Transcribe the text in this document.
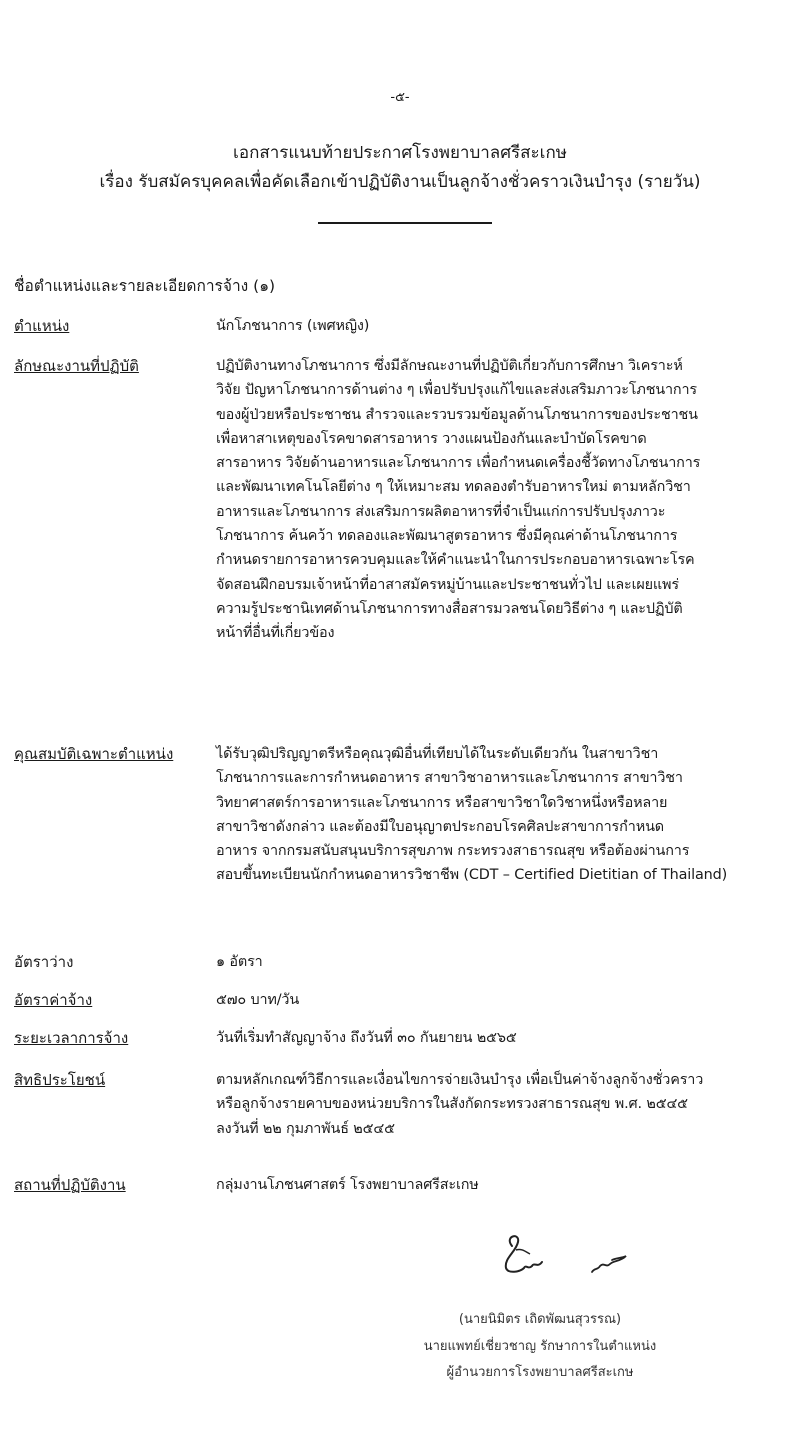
-๕-
เอกสารแนบท้ายประกาศโรงพยาบาลศรีสะเกษ
เรื่อง รับสมัครบุคคลเพื่อคัดเลือกเข้าปฏิบัติงานเป็นลูกจ้างชั่วคราวเงินบำรุง (รายวัน)
ชื่อตำแหน่งและรายละเอียดการจ้าง (๑)
ตำแหน่ง	นักโภชนาการ (เพศหญิง)
ลักษณะงานที่ปฏิบัติ	ปฏิบัติงานทางโภชนาการ ซึ่งมีลักษณะงานที่ปฏิบัติเกี่ยวกับการศึกษา วิเคราะห์
วิจัย ปัญหาโภชนาการด้านต่าง ๆ เพื่อปรับปรุงแก้ไขและส่งเสริมภาวะโภชนาการ
ของผู้ป่วยหรือประชาชน สำรวจและรวบรวมข้อมูลด้านโภชนาการของประชาชน
เพื่อหาสาเหตุของโรคขาดสารอาหาร วางแผนป้องกันและบำบัดโรคขาด
สารอาหาร วิจัยด้านอาหารและโภชนาการ เพื่อกำหนดเครื่องชี้วัดทางโภชนาการ
และพัฒนาเทคโนโลยีต่าง ๆ ให้เหมาะสม ทดลองตำรับอาหารใหม่ ตามหลักวิชา
อาหารและโภชนาการ ส่งเสริมการผลิตอาหารที่จำเป็นแก่การปรับปรุงภาวะ
โภชนาการ ค้นคว้า ทดลองและพัฒนาสูตรอาหาร ซึ่งมีคุณค่าด้านโภชนาการ
กำหนดรายการอาหารควบคุมและให้คำแนะนำในการประกอบอาหารเฉพาะโรค
จัดสอนฝึกอบรมเจ้าหน้าที่อาสาสมัครหมู่บ้านและประชาชนทั่วไป และเผยแพร่
ความรู้ประชานิเทศด้านโภชนาการทางสื่อสารมวลชนโดยวิธีต่าง ๆ และปฏิบัติ
หน้าที่อื่นที่เกี่ยวข้อง
คุณสมบัติเฉพาะตำแหน่ง	ได้รับวุฒิปริญญาตรีหรือคุณวุฒิอื่นที่เทียบได้ในระดับเดียวกัน ในสาขาวิชา
โภชนาการและการกำหนดอาหาร สาขาวิชาอาหารและโภชนาการ สาขาวิชา
วิทยาศาสตร์การอาหารและโภชนาการ หรือสาขาวิชาใดวิชาหนึ่งหรือหลาย
สาขาวิชาดังกล่าว และต้องมีใบอนุญาตประกอบโรคศิลปะสาขาการกำหนด
อาหาร จากกรมสนับสนุนบริการสุขภาพ กระทรวงสาธารณสุข หรือต้องผ่านการ
สอบขึ้นทะเบียนนักกำหนดอาหารวิชาชีพ (CDT – Certified Dietitian of Thailand)
อัตราว่าง	๑ อัตรา
อัตราค่าจ้าง	๕๗๐ บาท/วัน
ระยะเวลาการจ้าง	วันที่เริ่มทำสัญญาจ้าง ถึงวันที่ ๓๐ กันยายน ๒๕๖๕
สิทธิประโยชน์	ตามหลักเกณฑ์วิธีการและเงื่อนไขการจ่ายเงินบำรุง เพื่อเป็นค่าจ้างลูกจ้างชั่วคราว
หรือลูกจ้างรายคาบของหน่วยบริการในสังกัดกระทรวงสาธารณสุข พ.ศ. ๒๕๔๕
ลงวันที่ ๒๒ กุมภาพันธ์ ๒๕๔๕
สถานที่ปฏิบัติงาน	กลุ่มงานโภชนศาสตร์ โรงพยาบาลศรีสะเกษ
(นายนิมิตร เถิดพัฒนสุวรรณ)
นายแพทย์เชี่ยวชาญ รักษาการในตำแหน่ง
ผู้อำนวยการโรงพยาบาลศรีสะเกษ
